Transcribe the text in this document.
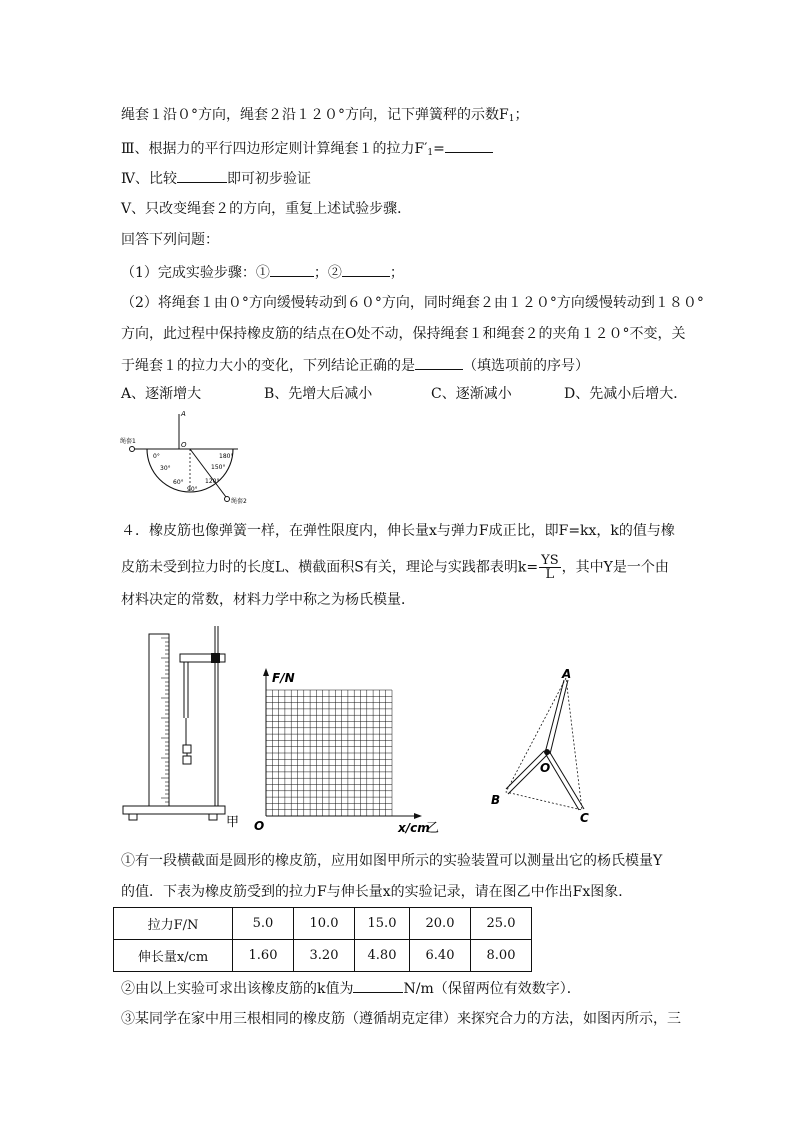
绳套１沿０°方向，绳套２沿１２０°方向，记下弹簧秤的示数$F_1$；
Ⅲ、根据力的平行四边形定则计算绳套１的拉力$F'_1=$
Ⅳ、比较	即可初步验证
Ⅴ、只改变绳套２的方向，重复上述试验步骤．
回答下列问题：
（1）完成实验步骤：①	；②	；
（2）将绳套１由０°方向缓慢转动到６０°方向，同时绳套２由１２０°方向缓慢转动到１８０°
方向，此过程中保持橡皮筋的结点在O处不动，保持绳套１和绳套２的夹角１２０°不变，关
于绳套１的拉力大小的变化，下列结论正确的是	（填选项前的序号）
A、逐渐增大	B、先增大后减小	C、逐渐减小	D、先减小后增大．
绳套1
绳套2
A
O
0°
30°
60°
90°
120°
150°
180°
４．橡皮筋也像弹簧一样，在弹性限度内，伸长量x与弹力F成正比，即F=kx，k的值与橡
皮筋未受到拉力时的长度L、横截面积S有关，理论与实践都表明$k= \frac{YS}{L}$ ，其中Y是一个由
材料决定的常数，材料力学中称之为杨氏模量．
甲
F/N
x/cm
O	乙
A
O
B
C
①有一段横截面是圆形的橡皮筋，应用如图甲所示的实验装置可以测量出它的杨氏模量Y
的值．下表为橡皮筋受到的拉力F与伸长量x的实验记录，请在图乙中作出Fx图象．
拉力F/N	5.0	10.0	15.0	20.0	25.0
伸长量x/cm	1.60	3.20	4.80	6.40	8.00
②由以上实验可求出该橡皮筋的k值为	N/m（保留两位有效数字）．
③某同学在家中用三根相同的橡皮筋（遵循胡克定律）来探究合力的方法，如图丙所示，三
